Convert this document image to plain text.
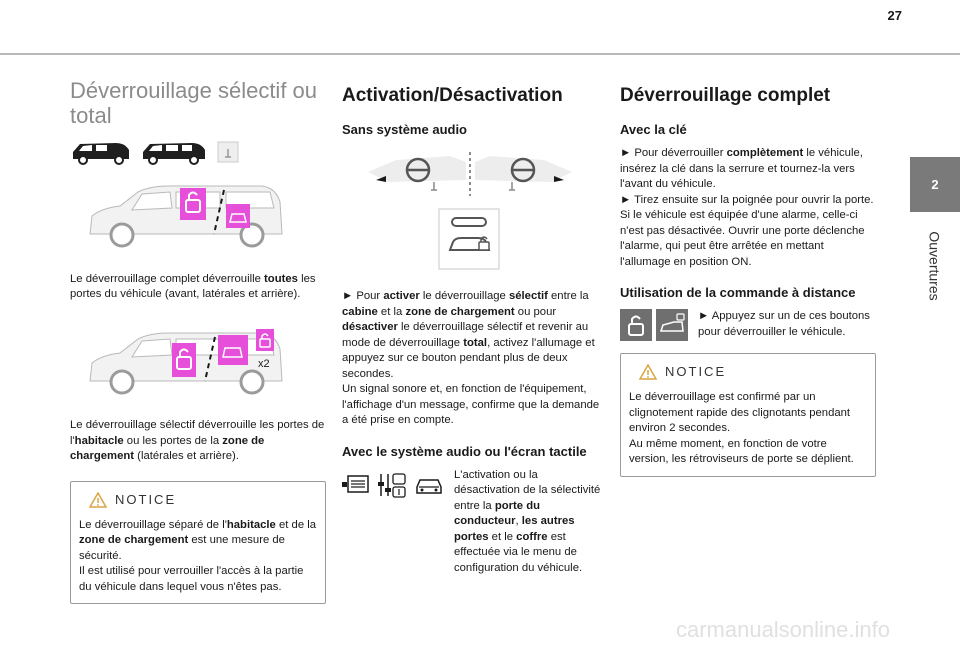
27
2
Ouvertures
Déverrouillage sélectif ou total

Le déverrouillage complet déverrouille toutes les portes du véhicule (avant, latérales et arrière).

x2

Le déverrouillage sélectif déverrouille les portes de l'habitacle ou les portes de la zone de chargement (latérales et arrière).

NOTICE

Le déverrouillage séparé de l'habitacle et de la zone de chargement est une mesure de sécurité.
Il est utilisé pour verrouiller l'accès à la partie du véhicule dans lequel vous n'êtes pas.

Activation/Désactivation
Sans système audio

► Pour activer le déverrouillage sélectif entre la cabine et la zone de chargement ou pour désactiver le déverrouillage sélectif et revenir au mode de déverrouillage total, activez l'allumage et appuyez sur ce bouton pendant plus de deux secondes.
Un signal sonore et, en fonction de l'équipement, l'affichage d'un message, confirme que la demande a été prise en compte.

Avec le système audio ou l'écran tactile

L'activation ou la désactivation de la sélectivité entre la porte du conducteur, les autres portes et le coffre est effectuée via le menu de configuration du véhicule.

Déverrouillage complet
Avec la clé

► Pour déverrouiller complètement le véhicule, insérez la clé dans la serrure et tournez-la vers l'avant du véhicule.
► Tirez ensuite sur la poignée pour ouvrir la porte.
Si le véhicule est équipée d'une alarme, celle-ci n'est pas désactivée. Ouvrir une porte déclenche l'alarme, qui peut être arrêtée en mettant l'allumage en position ON.

Utilisation de la commande à distance

► Appuyez sur un de ces boutons pour déverrouiller le véhicule.

NOTICE

Le déverrouillage est confirmé par un clignotement rapide des clignotants pendant environ 2 secondes.
Au même moment, en fonction de votre version, les rétroviseurs de porte se déplient.

carmanualsonline.info
